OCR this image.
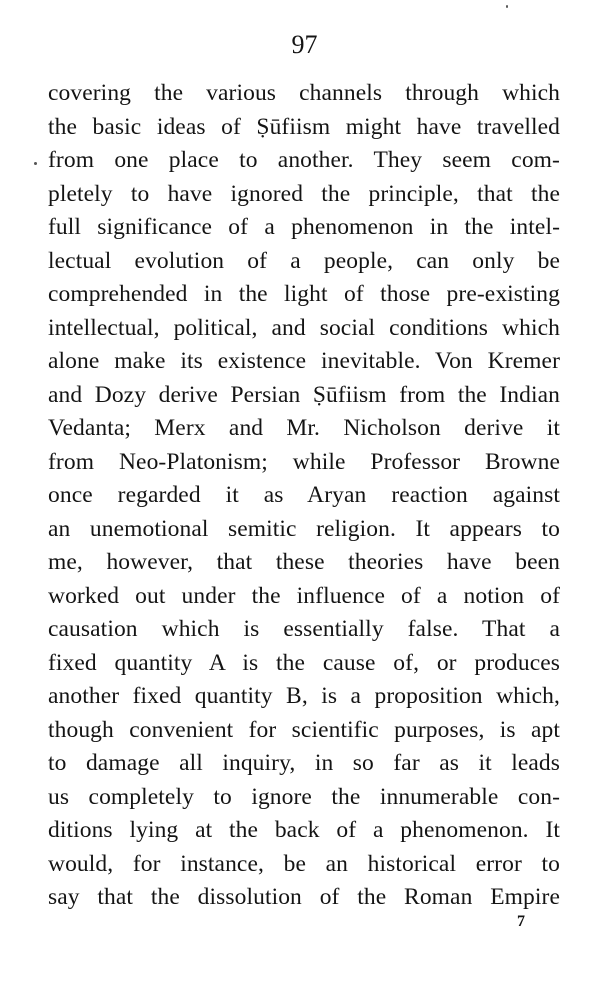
97
covering the various channels through which
the basic ideas of Ṣūfiism might have travelled
from one place to another. They seem com-
pletely to have ignored the principle, that the
full significance of a phenomenon in the intel-
lectual evolution of a people, can only be
comprehended in the light of those pre-existing
intellectual, political, and social conditions which
alone make its existence inevitable. Von Kremer
and Dozy derive Persian Ṣūfiism from the Indian
Vedanta; Merx and Mr. Nicholson derive it
from Neo-Platonism; while Professor Browne
once regarded it as Aryan reaction against
an unemotional semitic religion. It appears to
me, however, that these theories have been
worked out under the influence of a notion of
causation which is essentially false. That a
fixed quantity A is the cause of, or produces
another fixed quantity B, is a proposition which,
though convenient for scientific purposes, is apt
to damage all inquiry, in so far as it leads
us completely to ignore the innumerable con-
ditions lying at the back of a phenomenon. It
would, for instance, be an historical error to
say that the dissolution of the Roman Empire
7
